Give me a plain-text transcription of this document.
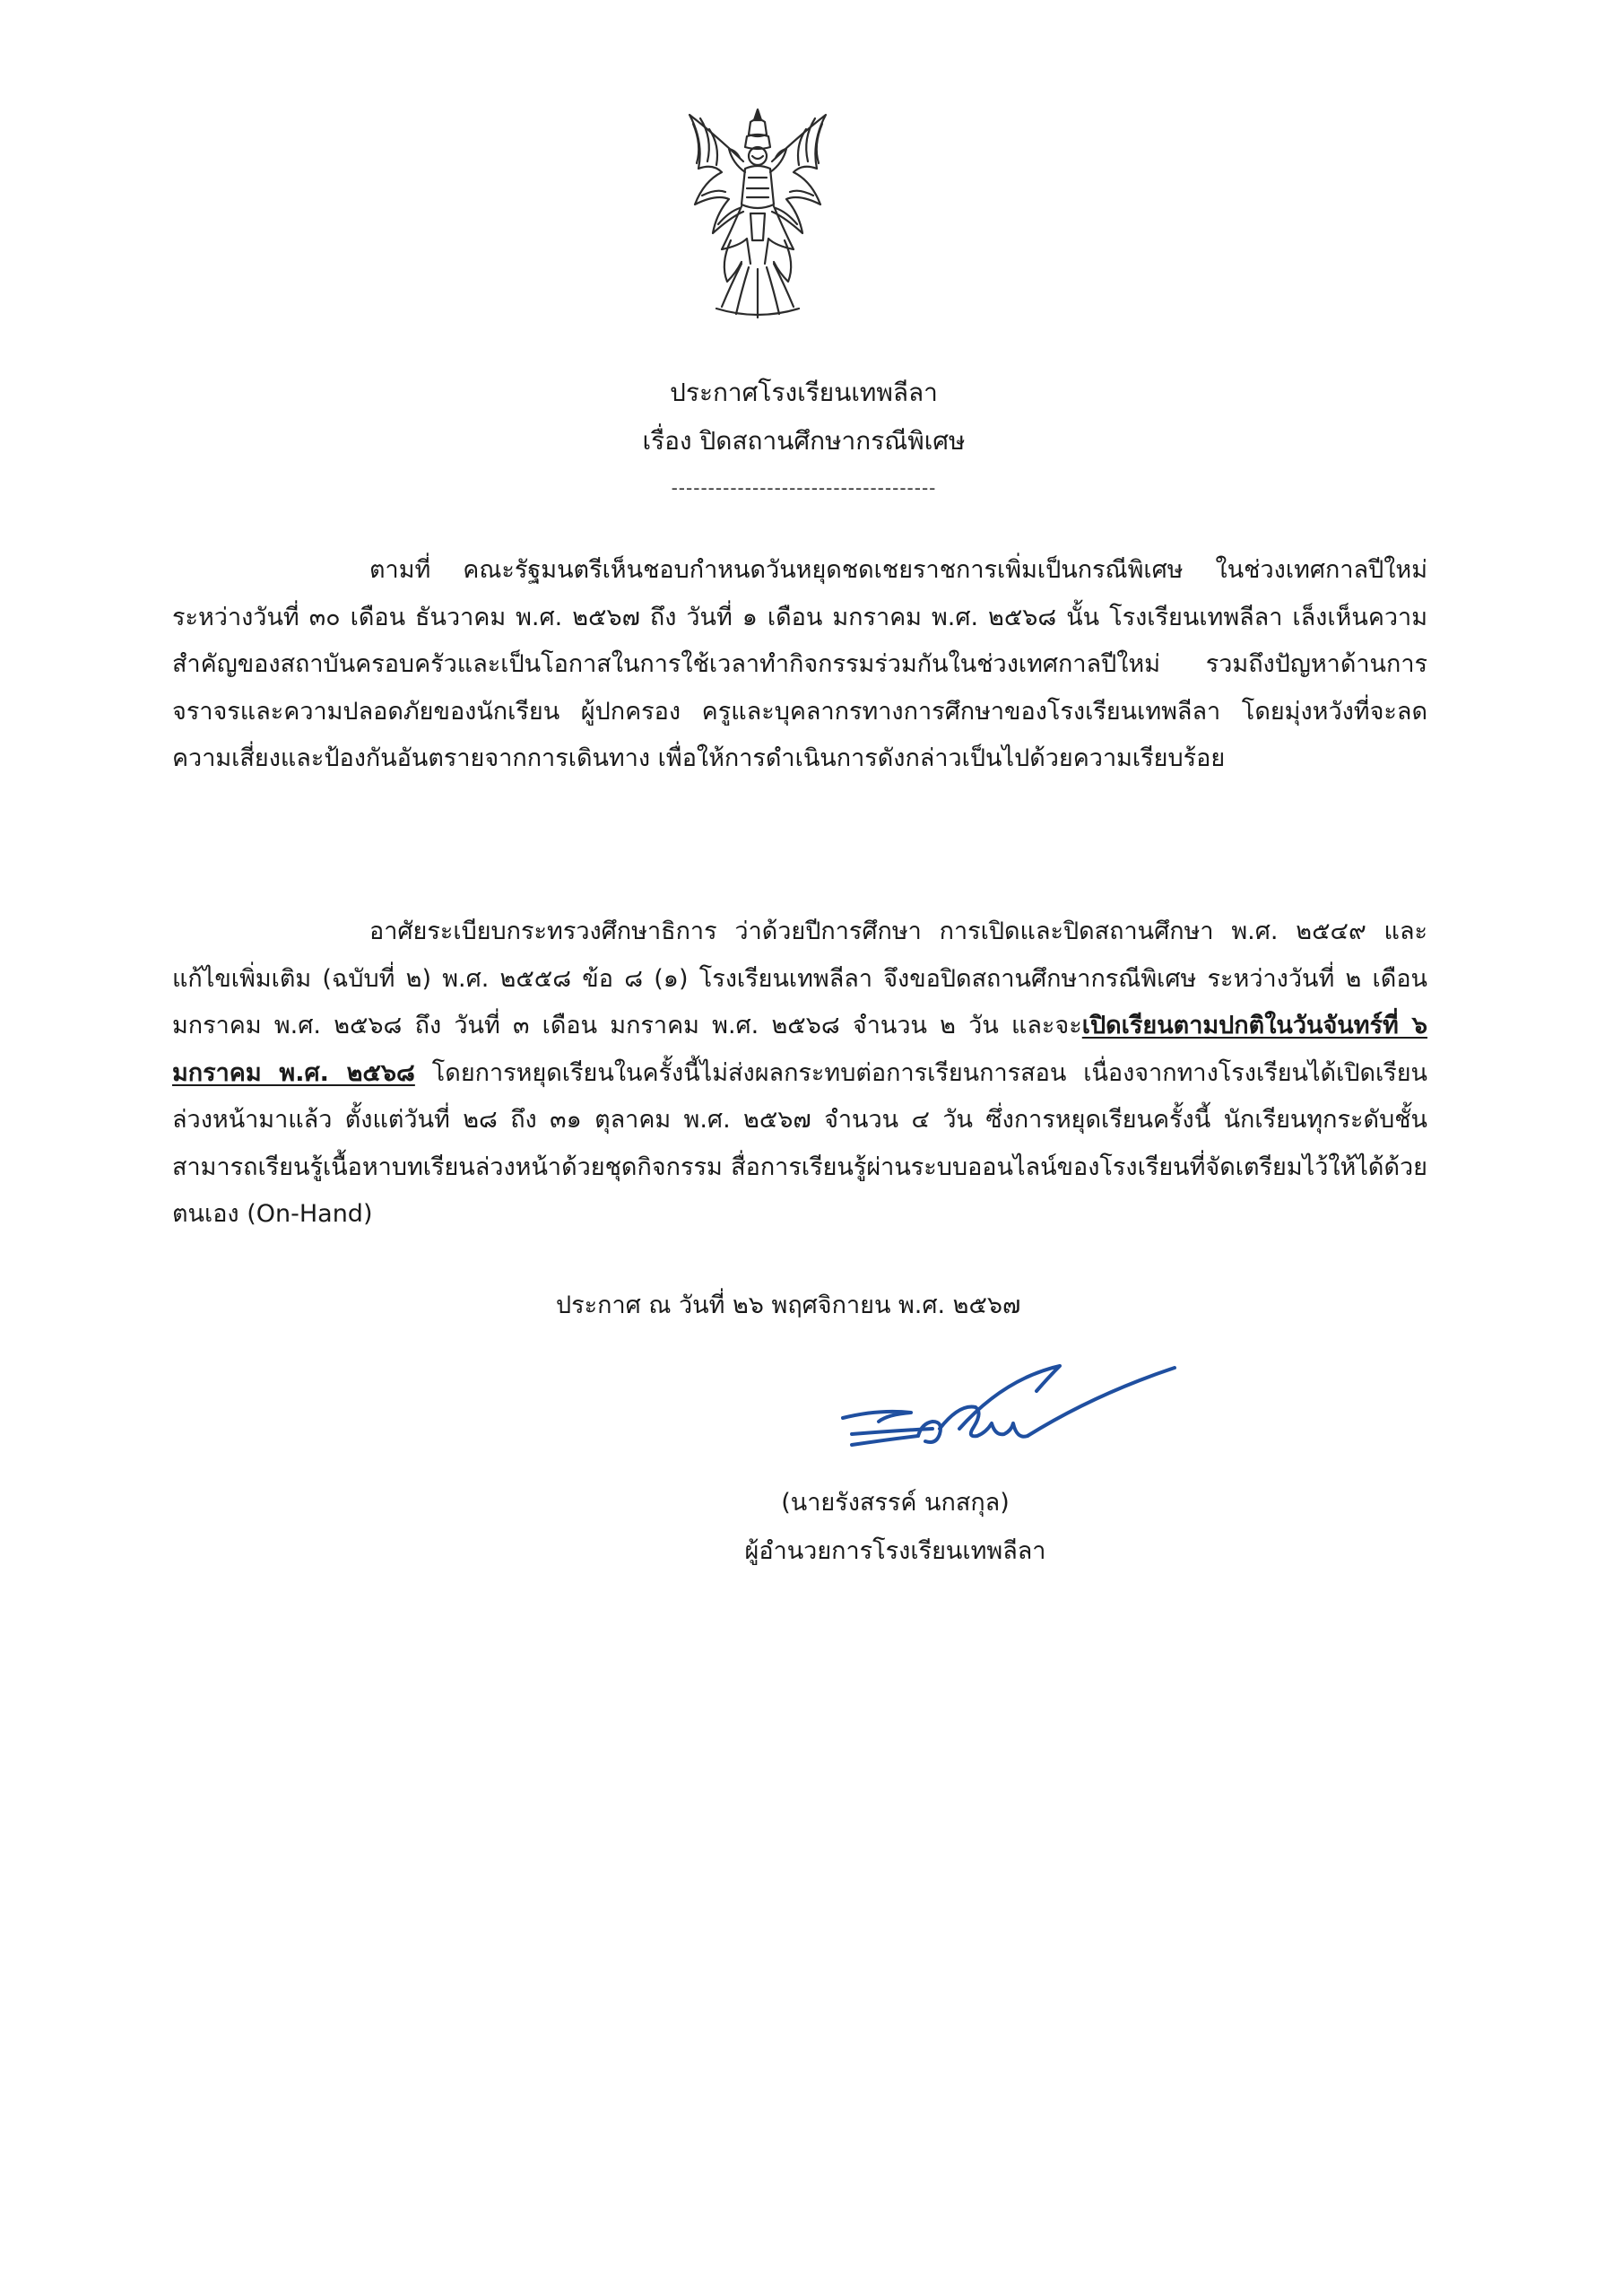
ประกาศโรงเรียนเทพลีลา
เรื่อง ปิดสถานศึกษากรณีพิเศษ
------------------------------------
ตามที่ คณะรัฐมนตรีเห็นชอบกำหนดวันหยุดชดเชยราชการเพิ่มเป็นกรณีพิเศษ ในช่วงเทศกาลปีใหม่ ระหว่างวันที่ ๓๐ เดือน ธันวาคม พ.ศ. ๒๕๖๗ ถึง วันที่ ๑ เดือน มกราคม พ.ศ. ๒๕๖๘ นั้น โรงเรียนเทพลีลา เล็งเห็นความสำคัญของสถาบันครอบครัวและเป็นโอกาสในการใช้เวลาทำกิจกรรมร่วมกันในช่วงเทศกาลปีใหม่ รวมถึงปัญหาด้านการจราจรและความปลอดภัยของนักเรียน ผู้ปกครอง ครูและบุคลากรทางการศึกษาของโรงเรียนเทพลีลา โดยมุ่งหวังที่จะลดความเสี่ยงและป้องกันอันตรายจากการเดินทาง เพื่อให้การดำเนินการดังกล่าวเป็นไปด้วยความเรียบร้อย
อาศัยระเบียบกระทรวงศึกษาธิการ ว่าด้วยปีการศึกษา การเปิดและปิดสถานศึกษา พ.ศ. ๒๕๔๙ และแก้ไขเพิ่มเติม (ฉบับที่ ๒) พ.ศ. ๒๕๕๘ ข้อ ๘ (๑) โรงเรียนเทพลีลา จึงขอปิดสถานศึกษากรณีพิเศษ ระหว่างวันที่ ๒ เดือน มกราคม พ.ศ. ๒๕๖๘ ถึง วันที่ ๓ เดือน มกราคม พ.ศ. ๒๕๖๘ จำนวน ๒ วัน และจะเปิดเรียนตามปกติในวันจันทร์ที่ ๖ มกราคม พ.ศ. ๒๕๖๘ โดยการหยุดเรียนในครั้งนี้ไม่ส่งผลกระทบต่อการเรียนการสอน เนื่องจากทางโรงเรียนได้เปิดเรียนล่วงหน้ามาแล้ว ตั้งแต่วันที่ ๒๘ ถึง ๓๑ ตุลาคม พ.ศ. ๒๕๖๗ จำนวน ๔ วัน ซึ่งการหยุดเรียนครั้งนี้ นักเรียนทุกระดับชั้นสามารถเรียนรู้เนื้อหาบทเรียนล่วงหน้าด้วยชุดกิจกรรม สื่อการเรียนรู้ผ่านระบบออนไลน์ของโรงเรียนที่จัดเตรียมไว้ให้ได้ด้วยตนเอง (On-Hand)
ประกาศ ณ วันที่ ๒๖ พฤศจิกายน พ.ศ. ๒๕๖๗
(นายรังสรรค์ นกสกุล)
ผู้อำนวยการโรงเรียนเทพลีลา
